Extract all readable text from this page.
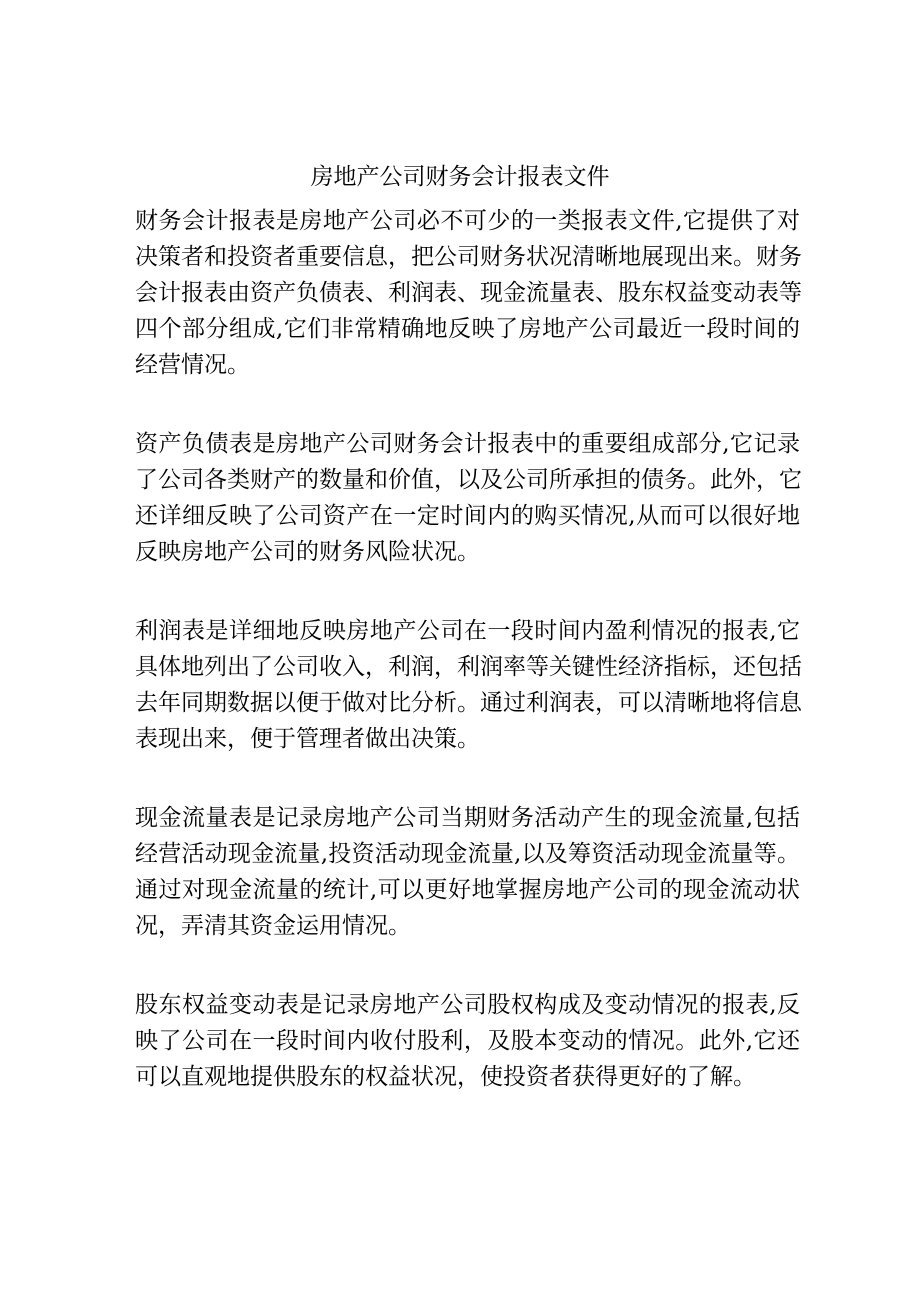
房地产公司财务会计报表文件

财务会计报表是房地产公司必不可少的一类报表文件,它提供了对
决策者和投资者重要信息，把公司财务状况清晰地展现出来。财务
会计报表由资产负债表、利润表、现金流量表、股东权益变动表等
四个部分组成,它们非常精确地反映了房地产公司最近一段时间的
经营情况。

资产负债表是房地产公司财务会计报表中的重要组成部分,它记录
了公司各类财产的数量和价值，以及公司所承担的债务。此外，它
还详细反映了公司资产在一定时间内的购买情况,从而可以很好地
反映房地产公司的财务风险状况。

利润表是详细地反映房地产公司在一段时间内盈利情况的报表,它
具体地列出了公司收入，利润，利润率等关键性经济指标，还包括
去年同期数据以便于做对比分析。通过利润表，可以清晰地将信息
表现出来，便于管理者做出决策。

现金流量表是记录房地产公司当期财务活动产生的现金流量,包括
经营活动现金流量,投资活动现金流量,以及筹资活动现金流量等。
通过对现金流量的统计,可以更好地掌握房地产公司的现金流动状
况，弄清其资金运用情况。

股东权益变动表是记录房地产公司股权构成及变动情况的报表,反
映了公司在一段时间内收付股利，及股本变动的情况。此外,它还
可以直观地提供股东的权益状况，使投资者获得更好的了解。
